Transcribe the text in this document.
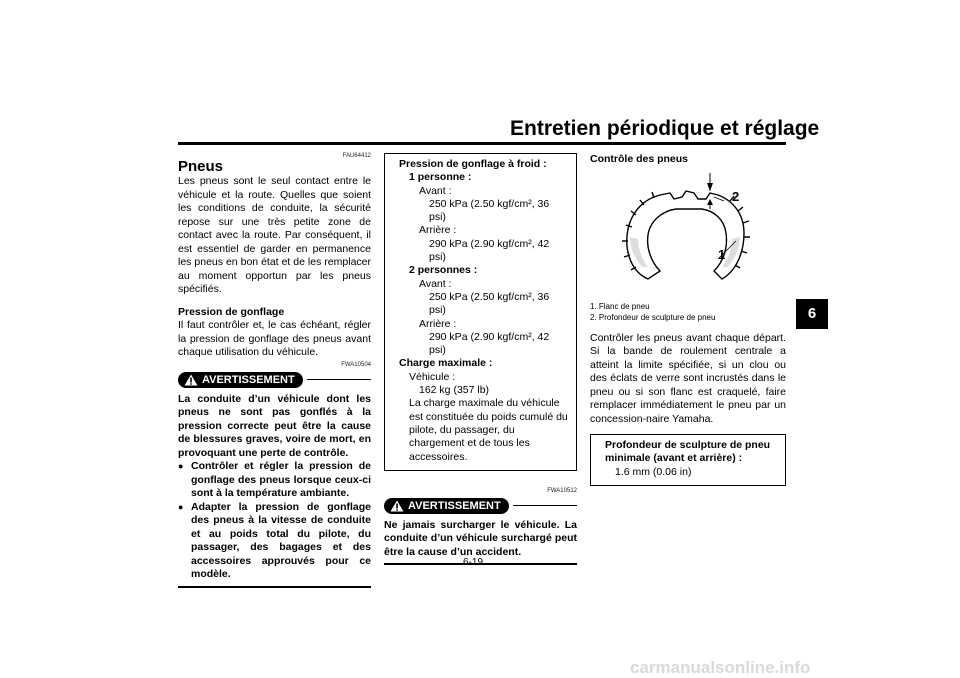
Entretien périodique et réglage
6
FAU64412
Pneus

Les pneus sont le seul contact entre le véhicule et la route. Quelles que soient les conditions de conduite, la sécurité repose sur une très petite zone de contact avec la route. Par conséquent, il est essentiel de garder en permanence les pneus en bon état et de les remplacer au moment opportun par les pneus spécifiés.

Pression de gonflage

Il faut contrôler et, le cas échéant, régler la pression de gonflage des pneus avant chaque utilisation du véhicule.

FWA10504
AVERTISSEMENT
La conduite d’un véhicule dont les pneus ne sont pas gonflés à la pression correcte peut être la cause de blessures graves, voire de mort, en provoquant une perte de contrôle.
● Contrôler et régler la pression de gonflage des pneus lorsque ceux-ci sont à la température ambiante.
● Adapter la pression de gonflage des pneus à la vitesse de conduite et au poids total du pilote, du passager, des bagages et des accessoires approuvés pour ce modèle.
Pression de gonflage à froid :
1 personne :
Avant :
250 kPa (2.50 kgf/cm², 36 psi)
Arrière :
290 kPa (2.90 kgf/cm², 42 psi)
2 personnes :
Avant :
250 kPa (2.50 kgf/cm², 36 psi)
Arrière :
290 kPa (2.90 kgf/cm², 42 psi)
Charge maximale :
Véhicule :
162 kg (357 lb)
La charge maximale du véhicule est constituée du poids cumulé du pilote, du passager, du chargement et de tous les accessoires.
FWA10512
AVERTISSEMENT
Ne jamais surcharger le véhicule. La conduite d’un véhicule surchargé peut être la cause d’un accident.
Contrôle des pneus
2
1
1. Flanc de pneu
2. Profondeur de sculpture de pneu

Contrôler les pneus avant chaque départ. Si la bande de roulement centrale a atteint la limite spécifiée, si un clou ou des éclats de verre sont incrustés dans le pneu ou si son flanc est craquelé, faire remplacer immédiatement le pneu par un concession-naire Yamaha.

Profondeur de sculpture de pneu minimale (avant et arrière) :
1.6 mm (0.06 in)
6-19
carmanualsonline.info
